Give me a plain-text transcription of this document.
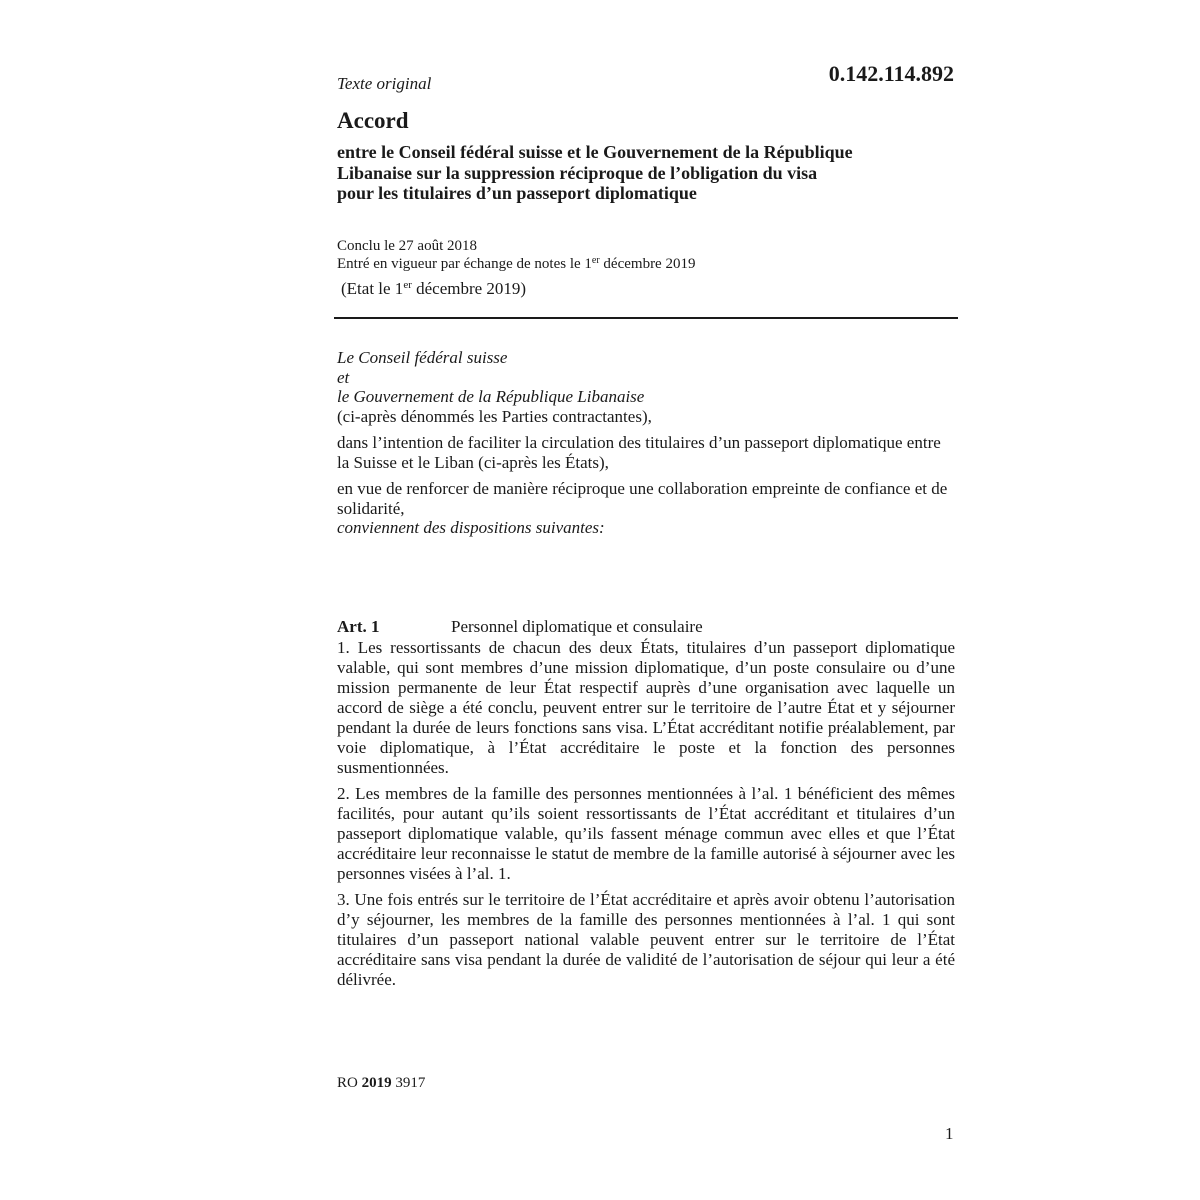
Texte original	0.142.114.892
Accord
entre le Conseil fédéral suisse et le Gouvernement de la République
Libanaise sur la suppression réciproque de l’obligation du visa
pour les titulaires d’un passeport diplomatique
Conclu le 27 août 2018
Entré en vigueur par échange de notes le 1er décembre 2019
(Etat le 1er décembre 2019)

Le Conseil fédéral suisse

et

le Gouvernement de la République Libanaise

(ci-après dénommés les Parties contractantes),

dans l’intention de faciliter la circulation des titulaires d’un passeport diplomatique entre la Suisse et le Liban (ci-après les États),

en vue de renforcer de manière réciproque une collaboration empreinte de confiance et de solidarité,

conviennent des dispositions suivantes:

Art. 1	Personnel diplomatique et consulaire

1. Les ressortissants de chacun des deux États, titulaires d’un passeport diplomatique valable, qui sont membres d’une mission diplomatique, d’un poste consulaire ou d’une mission permanente de leur État respectif auprès d’une organisation avec laquelle un accord de siège a été conclu, peuvent entrer sur le territoire de l’autre État et y séjourner pendant la durée de leurs fonctions sans visa. L’État accréditant notifie préalablement, par voie diplomatique, à l’État accréditaire le poste et la fonction des personnes susmentionnées.

2. Les membres de la famille des personnes mentionnées à l’al. 1 bénéficient des mêmes facilités, pour autant qu’ils soient ressortissants de l’État accréditant et titulaires d’un passeport diplomatique valable, qu’ils fassent ménage commun avec elles et que l’État accréditaire leur reconnaisse le statut de membre de la famille autorisé à séjourner avec les personnes visées à l’al. 1.

3. Une fois entrés sur le territoire de l’État accréditaire et après avoir obtenu l’autorisation d’y séjourner, les membres de la famille des personnes mentionnées à l’al. 1 qui sont titulaires d’un passeport national valable peuvent entrer sur le territoire de l’État accréditaire sans visa pendant la durée de validité de l’autorisation de séjour qui leur a été délivrée.

RO 2019 3917
1
